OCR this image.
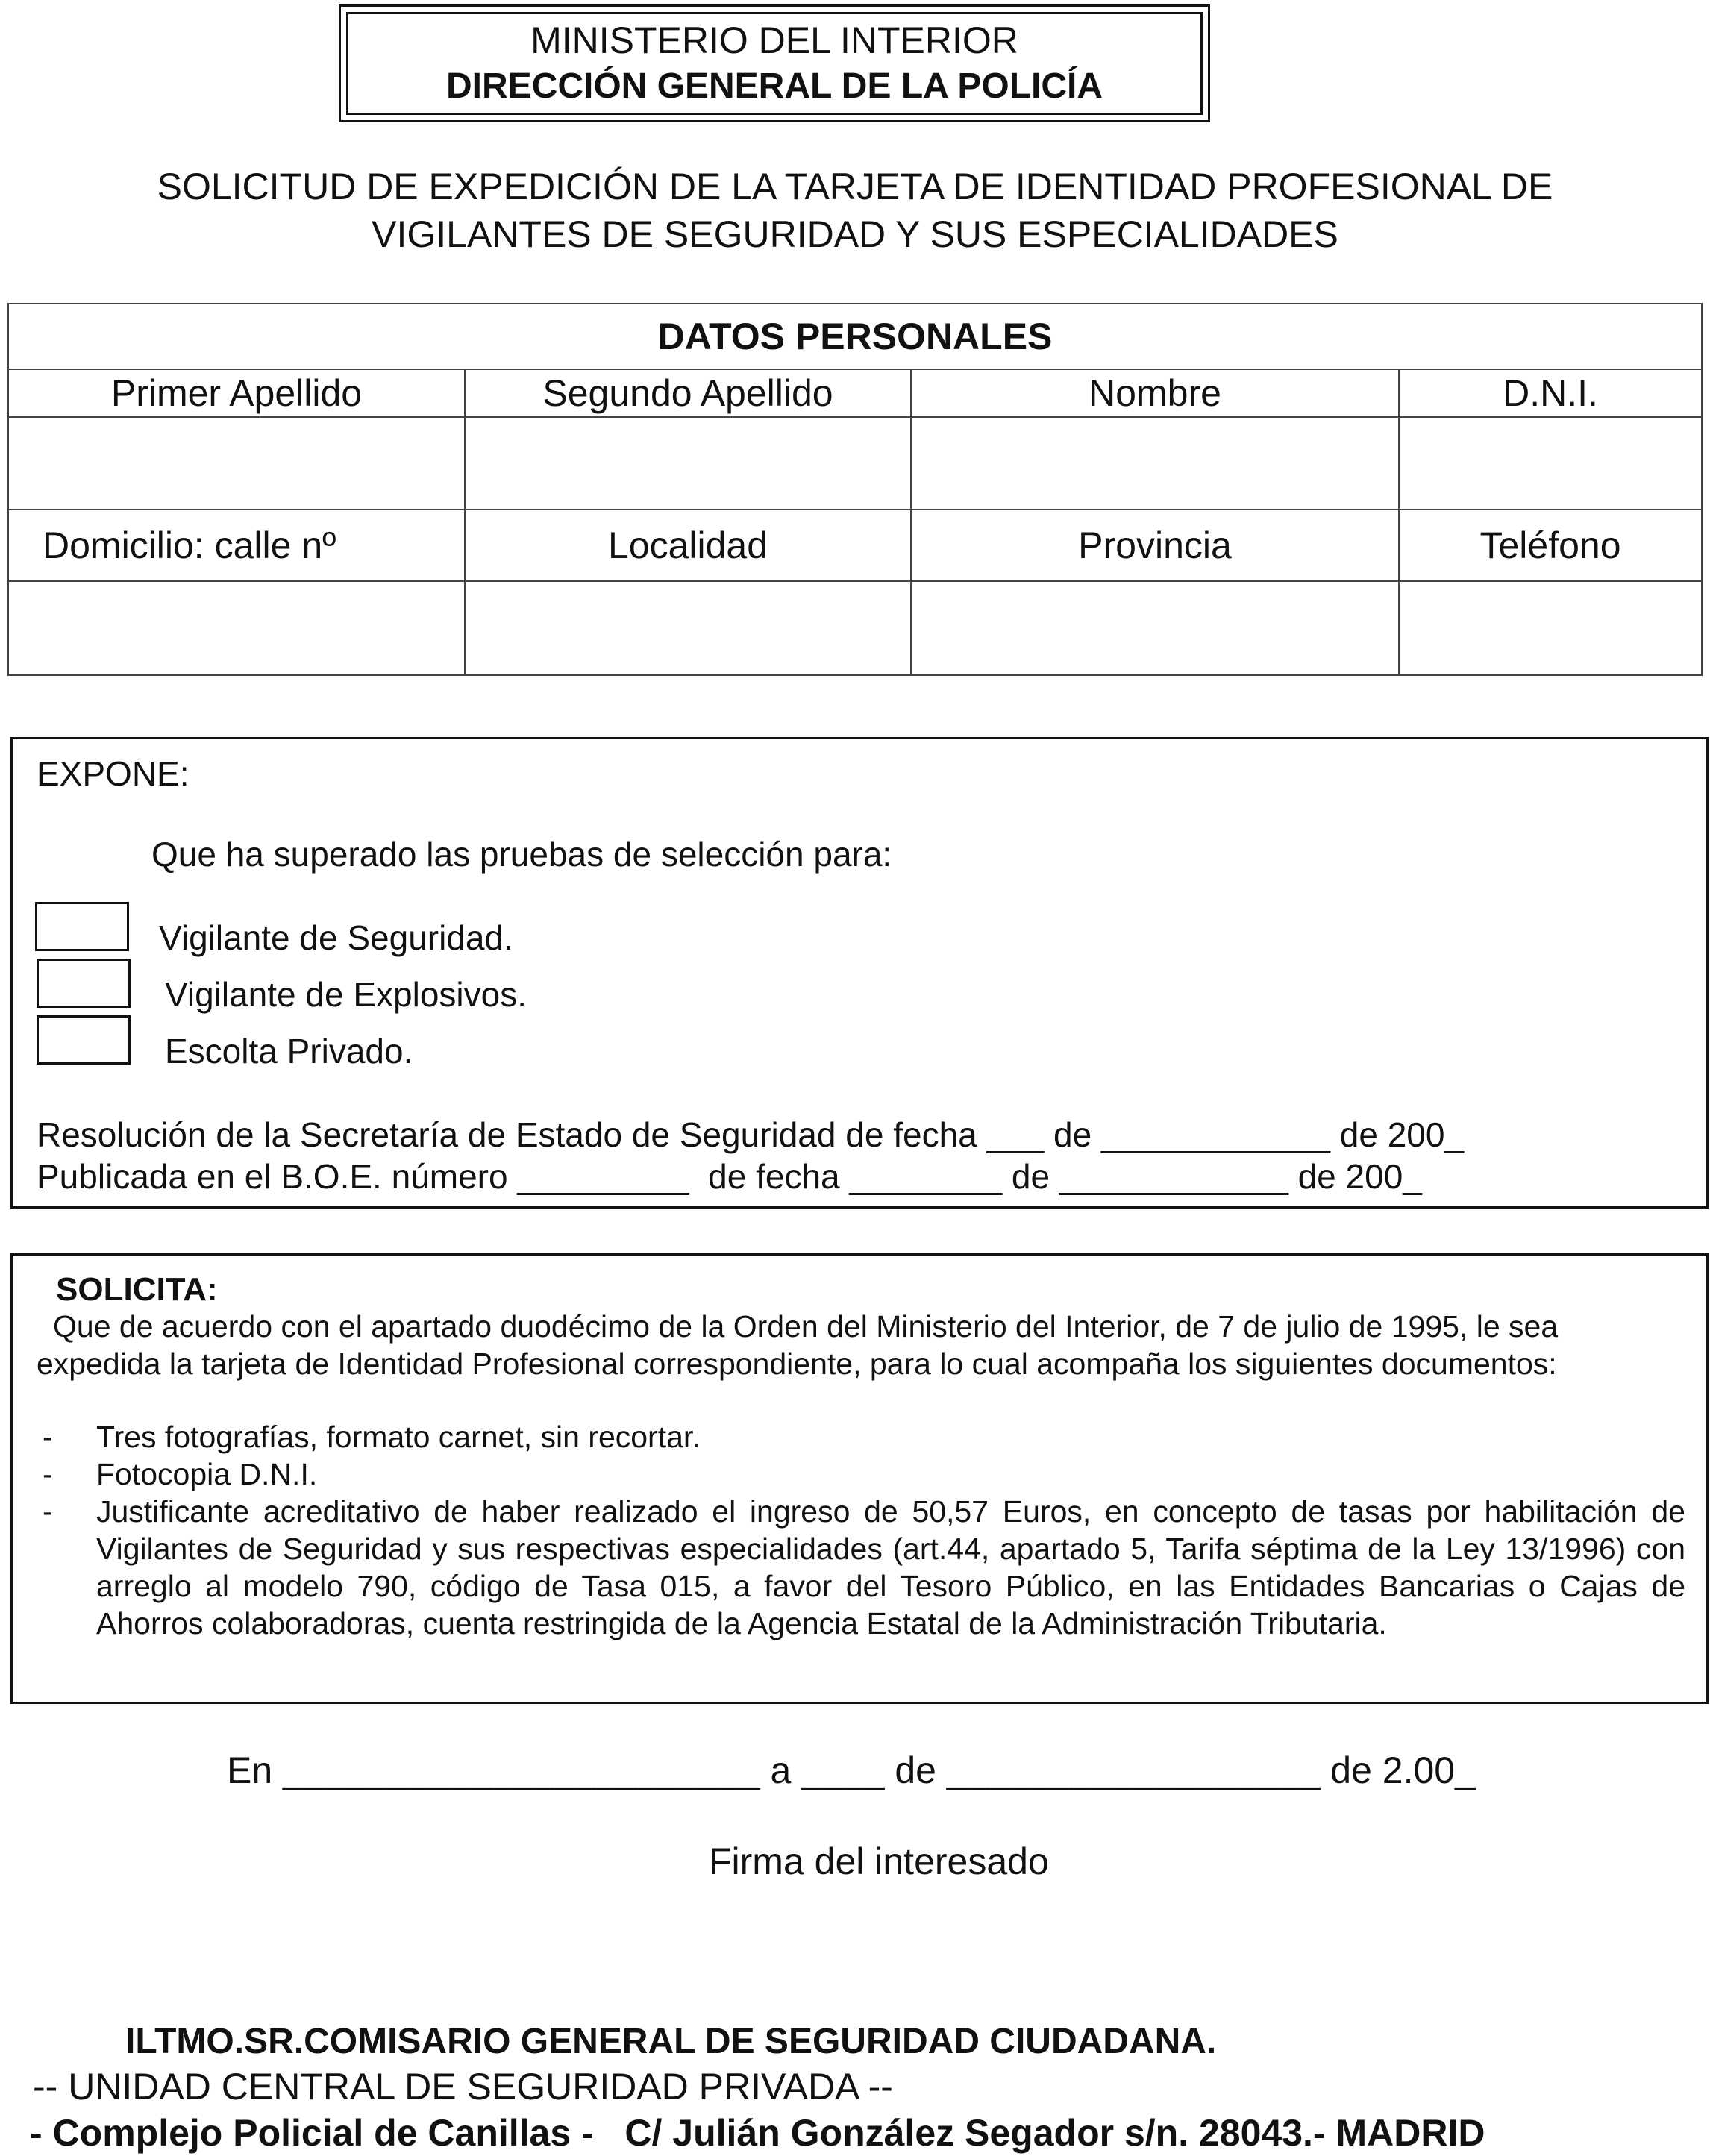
MINISTERIO DEL INTERIOR
DIRECCIÓN GENERAL DE LA POLICÍA
SOLICITUD DE EXPEDICIÓN DE LA TARJETA DE IDENTIDAD PROFESIONAL DE
VIGILANTES DE SEGURIDAD Y SUS ESPECIALIDADES
DATOS PERSONALES			
Primer Apellido	Segundo Apellido	Nombre	D.N.I.

Domicilio: calle nº	Localidad	Provincia	Teléfono

EXPONE:
Que ha superado las pruebas de selección para:
Vigilante de Seguridad.
Vigilante de Explosivos.
Escolta Privado.
Resolución de la Secretaría de Estado de Seguridad de fecha ___ de ____________ de 200_
Publicada en el B.O.E. número _________  de fecha ________ de ____________ de 200_
SOLICITA:
Que de acuerdo con el apartado duodécimo de la Orden del Ministerio del Interior, de 7 de julio de 1995, le sea
expedida la tarjeta de Identidad Profesional correspondiente, para lo cual acompaña los siguientes documentos:
- Tres fotografías, formato carnet, sin recortar.
- Fotocopia D.N.I.
- Justificante acreditativo de haber realizado el ingreso de 50,57 Euros, en concepto de tasas por habilitación de Vigilantes de Seguridad y sus respectivas especialidades (art.44, apartado 5, Tarifa séptima de la Ley 13/1996) con arreglo al modelo 790, código de Tasa 015, a favor del Tesoro Público, en las Entidades Bancarias o Cajas de Ahorros colaboradoras, cuenta restringida de la Agencia Estatal de la Administración Tributaria.
En _______________________ a ____ de __________________ de 2.00_
Firma del interesado
ILTMO.SR.COMISARIO GENERAL DE SEGURIDAD CIUDADANA.
-- UNIDAD CENTRAL DE SEGURIDAD PRIVADA --
- Complejo Policial de Canillas -   C/ Julián González Segador s/n. 28043.- MADRID
